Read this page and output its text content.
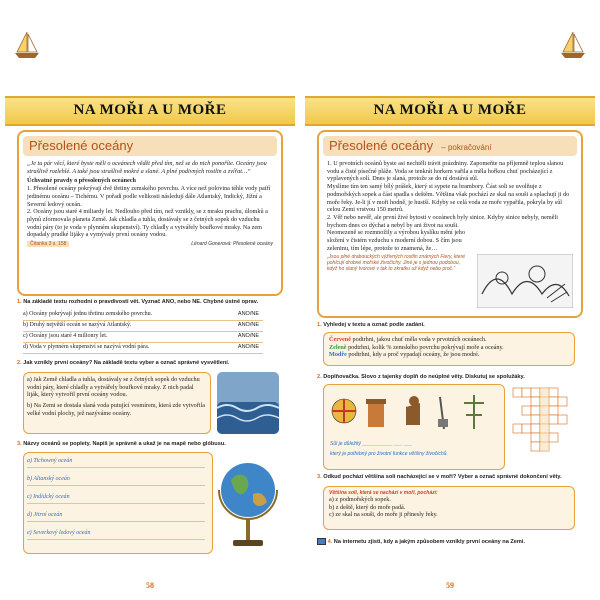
NA MOŘI A U MOŘE
Přesolené oceány
„Je tu pár věcí, které byste měli o oceánech vědět před tím, než se do nich ponoříte. Oceány jsou strašlivě rozlehlé. A také jsou strašlivě mokré a slané. A plné podivných rostlin a zvířat…“
Úchvatné pravdy o přesolených oceánech
1. Přesolené oceány pokrývají dvě třetiny zemského povrchu. A více než polovina téhle vody patří jedinému oceánu – Tichému. V pořadí podle velikosti následují dále Atlantský, Indický, Jižní a Severní ledový oceán.
2. Oceány jsou staré 4 miliardy let. Nedlouho před tím, než vznikly, se z mraku prachu, úlomků a plynů zformovala planeta Země. Jak chladla a tuhla, dostávaly se z četných sopek do vzduchu vodní páry (to je voda v plynném skupenství). Ty chladly a vytvářely bouřkové mraky. Na zem dopadaly prudké lijáky a vymývaly první oceány vodou.
Čítanka 3 s. 158	Lénard Gonerová: Přesolené oceány
1. Na základě textu rozhodni o pravdivosti vět. Vyznač ANO, nebo NE. Chybné ústně oprav.
a) Oceány pokrývají jednu třetinu zemského povrchu.	ANO/NE
b) Druhý největší oceán se nazývá Atlantský.	ANO/NE
c) Oceány jsou staré 4 milionry let.	ANO/NE
d) Voda v plynném skupenství se nazývá vodní pára.	ANO/NE
2. Jak vznikly první oceány? Na základě textu vyber a označ správné vysvětlení.
a) Jak Země chladla a tuhla, dostávaly se z četných sopek do vzduchu vodní páry, které chladly a vytvářely bouřkové mraky. Z nich padal liják, který vytvořil první oceány vodou.
b) Na Zemi se dostala slaná voda putující vesmírem, která zde vytvořila velké vodní plochy, jež nazýváme oceány.
3. Názvy oceánů se poplety. Napiš je správně a ukaž je na mapě nebo glóbusu.
a) Tichowný oceán
b) Altanský oceán
c) Indidcký oceán
d) Jitrní oceán
e) Severkový ledový oceán
58
NA MOŘI A U MOŘE
Přesolené oceány – pokračování
1. U prvotních oceánů byste asi nechtěli trávit prázdniny. Zapomeňte na příjemně teplou slanou vodu a čisté písečné pláže. Voda se tenkrát horkem vařila a měla hořkou chuť pocházející z vyplavených solí. Dnes je slaná, protože se do ní dostává sůl.
Myslíme tím ten samý bílý prášek, který si sypete na brambory. Část soli se uvolňuje z podmořských sopek a část spadla s deštěm. Většina však pochází ze skal na souši a splachují ji do moře řeky. Je-li jí v moři hodně, je hustší. Kdyby se celá voda ze moře vypařila, pokryla by sůl celou Zemi vrstvou 150 metrů.
2. Věř nebo nevěř, ale první živé bytosti v oceánech byly sinice. Kdyby sinice nebyly, neměli bychom dnes co dýchat a nebyl by ani život na souši.
Neomezeně se rozmnožily a výrobou kyslíku mění jeho složení v čistém vzduchu s moderní dobou. S čím jsou zeleninu, tím lépe, protože to znamená, že…
„Jsou plné drabouckých výživných rostlin známých Fiery, které pohlcují drobné mořské živočichy. Jiné je s jednou podobou, když ho slaný tvorové v tak to zkratku už když nebo proč.“
1. Vyhledej v textu a označ podle zadání.
Červeně podtrhni, jakou chuť měla voda v prvotních oceánech.
Zeleně podtrhni, kolik % zemského povrchu pokrývají moře a oceány.
Modře podtrhni, kdy a proč vypadají oceány, že jsou modré.
2. Doplňovačka. Slovo z tajenky doplň do neúplné věty. Diskutuj se spolužáky.
Sůl je důležitý ___________ ___ ___
který je potřebný pro životní funkce většiny živočichů.
3. Odkud pochází většina soli nacházející se v moři? Vyber a označ správné dokončení věty.
Většina soli, která se nachází v moři, pochází:
a) z podmořských sopek.
b) z deště, který do moře padá.
c) ze skal na souši, do moře ji přinesly řeky.
4. Na internetu zjisti, kdy a jakým způsobem vznikly první oceány na Zemi.
59
